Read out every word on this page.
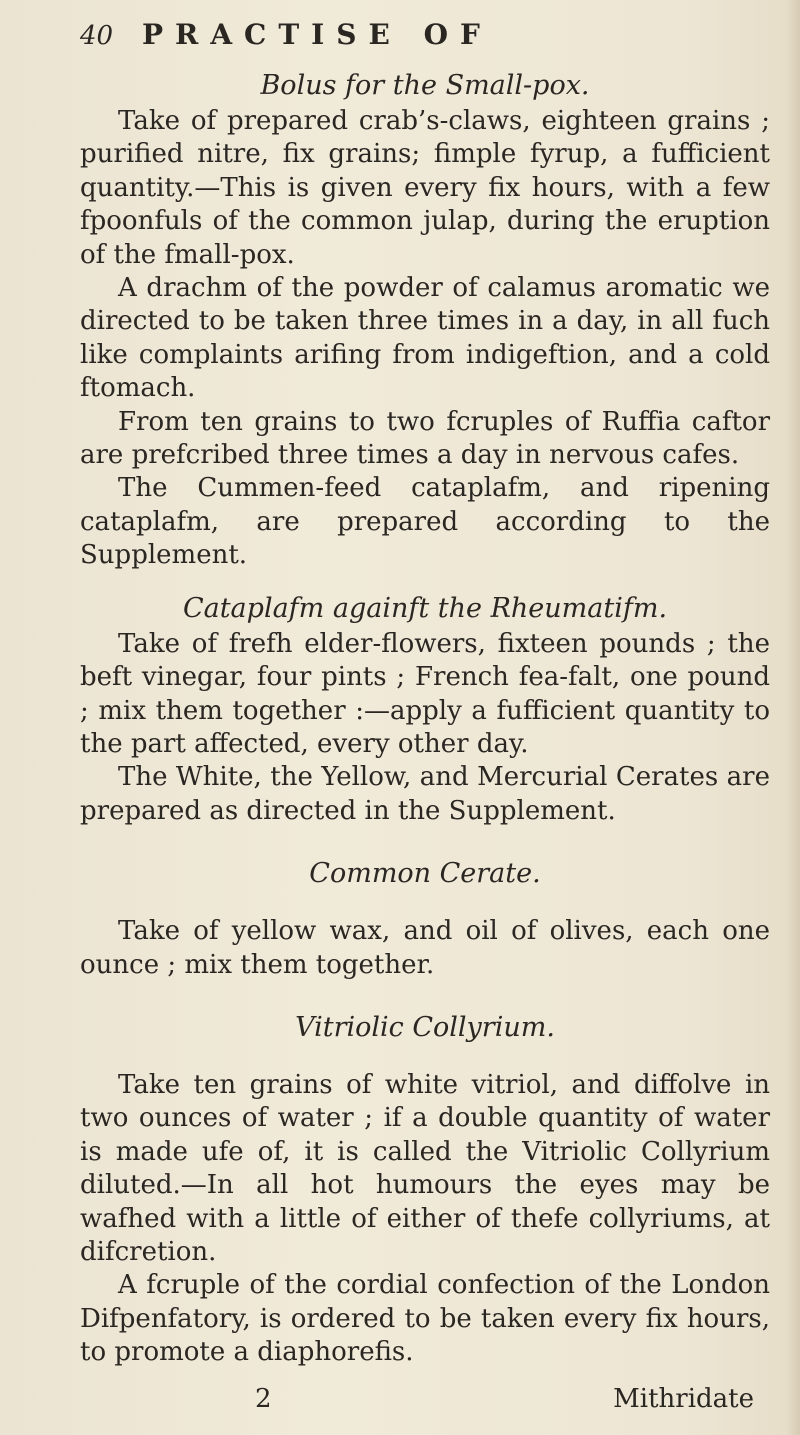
40	PRACTISE OF
Bolus for the Small-pox.

Take of prepared crab’s-claws, eighteen grains ; purified nitre, fix grains; fimple fyrup, a fufficient quantity.—This is given every fix hours, with a few fpoonfuls of the common julap, during the eruption of the fmall-pox.

A drachm of the powder of calamus aromatic we directed to be taken three times in a day, in all fuch like complaints arifing from indigeftion, and a cold ftomach.

From ten grains to two fcruples of Ruffia caftor are prefcribed three times a day in nervous cafes.

The Cummen-feed cataplafm, and ripening cataplafm, are prepared according to the Supplement.

Cataplafm againft the Rheumatifm.

Take of frefh elder-flowers, fixteen pounds ; the beft vinegar, four pints ; French fea-falt, one pound ; mix them together :—apply a fufficient quantity to the part affected, every other day.

The White, the Yellow, and Mercurial Cerates are prepared as directed in the Supplement.

Common Cerate.

Take of yellow wax, and oil of olives, each one ounce ; mix them together.

Vitriolic Collyrium.

Take ten grains of white vitriol, and diffolve in two ounces of water ; if a double quantity of water is made ufe of, it is called the Vitriolic Collyrium diluted.—In all hot humours the eyes may be wafhed with a little of either of thefe collyriums, at difcretion.

A fcruple of the cordial confection of the London Difpenfatory, is ordered to be taken every fix hours, to promote a diaphorefis.

2	Mithridate
